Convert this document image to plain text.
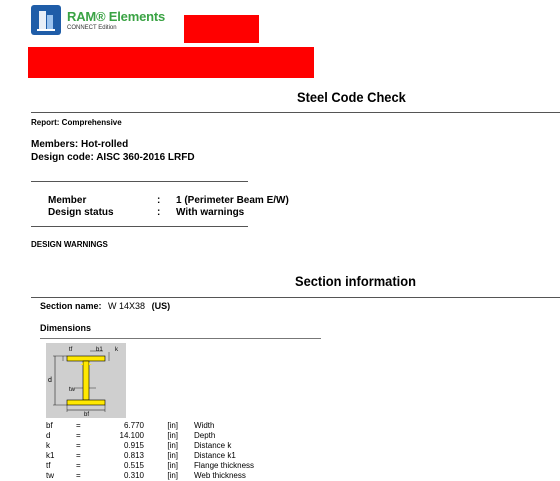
RAM® Elements
CONNECT Edition
Steel Code Check
Report: Comprehensive
Members: Hot-rolled
Design code: AISC 360-2016 LRFD
Member	: 1 (Perimeter Beam E/W)
Design status	: With warnings
DESIGN WARNINGS
Section information
Section name: W 14X38 (US)
Dimensions
tf	b1 k
d
tw
bf
bf	=	6.770	[in]	Width
d	=	14.100	[in]	Depth
k	=	0.915	[in]	Distance k
k1	=	0.813	[in]	Distance k1
tf	=	0.515	[in]	Flange thickness
tw	=	0.310	[in]	Web thickness
